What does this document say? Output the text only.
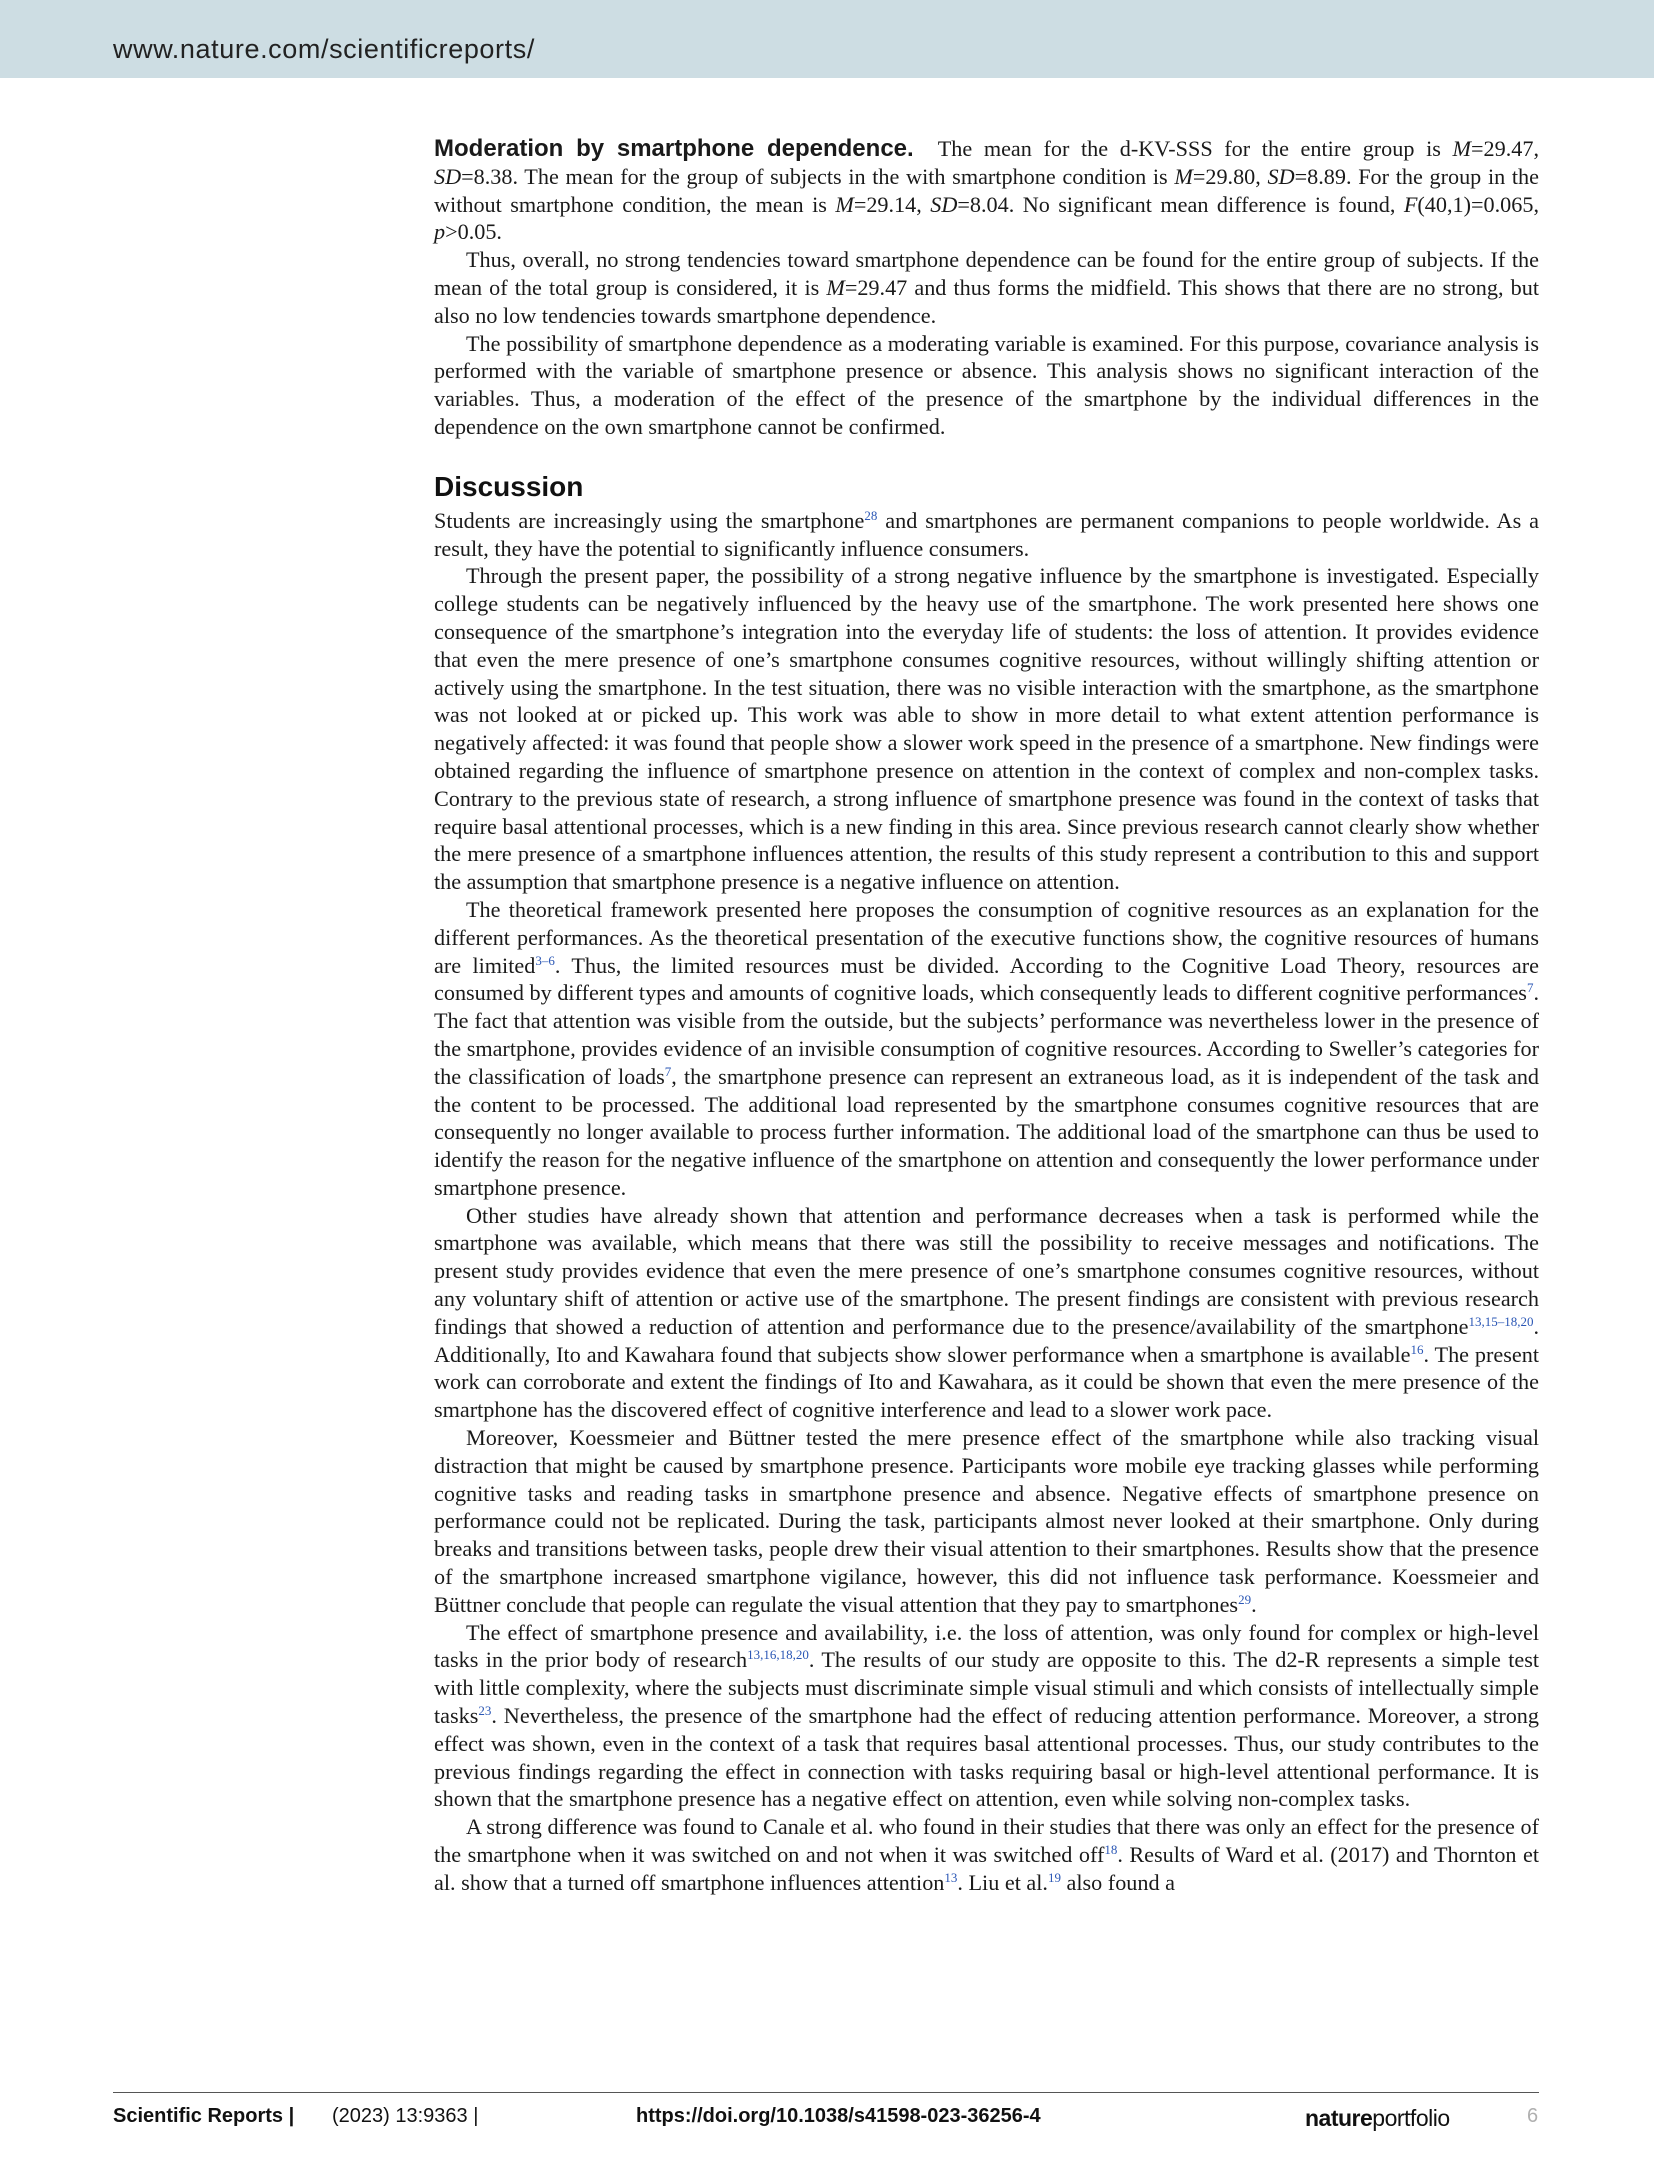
www.nature.com/scientificreports/

Moderation by smartphone dependence. The mean for the d-KV-SSS for the entire group is M=29.47, SD=8.38. The mean for the group of subjects in the with smartphone condition is M=29.80, SD=8.89. For the group in the without smartphone condition, the mean is M=29.14, SD=8.04. No significant mean difference is found, F(40,1)=0.065, p>0.05.

Thus, overall, no strong tendencies toward smartphone dependence can be found for the entire group of subjects. If the mean of the total group is considered, it is M=29.47 and thus forms the midfield. This shows that there are no strong, but also no low tendencies towards smartphone dependence.

The possibility of smartphone dependence as a moderating variable is examined. For this purpose, covariance analysis is performed with the variable of smartphone presence or absence. This analysis shows no significant interaction of the variables. Thus, a moderation of the effect of the presence of the smartphone by the individual differences in the dependence on the own smartphone cannot be confirmed.

Discussion

Students are increasingly using the smartphone$^{28}$ and smartphones are permanent companions to people worldwide. As a result, they have the potential to significantly influence consumers.

Through the present paper, the possibility of a strong negative influence by the smartphone is investigated. Especially college students can be negatively influenced by the heavy use of the smartphone. The work presented here shows one consequence of the smartphone’s integration into the everyday life of students: the loss of attention. It provides evidence that even the mere presence of one’s smartphone consumes cognitive resources, without willingly shifting attention or actively using the smartphone. In the test situation, there was no visible interaction with the smartphone, as the smartphone was not looked at or picked up. This work was able to show in more detail to what extent attention performance is negatively affected: it was found that people show a slower work speed in the presence of a smartphone. New findings were obtained regarding the influence of smartphone presence on attention in the context of complex and non-complex tasks. Contrary to the previous state of research, a strong influence of smartphone presence was found in the context of tasks that require basal attentional processes, which is a new finding in this area. Since previous research cannot clearly show whether the mere presence of a smartphone influences attention, the results of this study represent a contribution to this and support the assumption that smartphone presence is a negative influence on attention.

The theoretical framework presented here proposes the consumption of cognitive resources as an explanation for the different performances. As the theoretical presentation of the executive functions show, the cognitive resources of humans are limited$^{3-6}$. Thus, the limited resources must be divided. According to the Cognitive Load Theory, resources are consumed by different types and amounts of cognitive loads, which consequently leads to different cognitive performances$^7$. The fact that attention was visible from the outside, but the subjects’ performance was nevertheless lower in the presence of the smartphone, provides evidence of an invisible consumption of cognitive resources. According to Sweller’s categories for the classification of loads$^7$, the smartphone presence can represent an extraneous load, as it is independent of the task and the content to be processed. The additional load represented by the smartphone consumes cognitive resources that are consequently no longer available to process further information. The additional load of the smartphone can thus be used to identify the reason for the negative influence of the smartphone on attention and consequently the lower performance under smartphone presence.

Other studies have already shown that attention and performance decreases when a task is performed while the smartphone was available, which means that there was still the possibility to receive messages and notifications. The present study provides evidence that even the mere presence of one’s smartphone consumes cognitive resources, without any voluntary shift of attention or active use of the smartphone. The present findings are consistent with previous research findings that showed a reduction of attention and performance due to the presence/availability of the smartphone$^{13,15-18,20}$. Additionally, Ito and Kawahara found that subjects show slower performance when a smartphone is available$^{16}$. The present work can corroborate and extent the findings of Ito and Kawahara, as it could be shown that even the mere presence of the smartphone has the discovered effect of cognitive interference and lead to a slower work pace.

Moreover, Koessmeier and Büttner tested the mere presence effect of the smartphone while also tracking visual distraction that might be caused by smartphone presence. Participants wore mobile eye tracking glasses while performing cognitive tasks and reading tasks in smartphone presence and absence. Negative effects of smartphone presence on performance could not be replicated. During the task, participants almost never looked at their smartphone. Only during breaks and transitions between tasks, people drew their visual attention to their smartphones. Results show that the presence of the smartphone increased smartphone vigilance, however, this did not influence task performance. Koessmeier and Büttner conclude that people can regulate the visual attention that they pay to smartphones$^{29}$.

The effect of smartphone presence and availability, i.e. the loss of attention, was only found for complex or high-level tasks in the prior body of research$^{13,16,18,20}$. The results of our study are opposite to this. The d2-R represents a simple test with little complexity, where the subjects must discriminate simple visual stimuli and which consists of intellectually simple tasks$^{23}$. Nevertheless, the presence of the smartphone had the effect of reducing attention performance. Moreover, a strong effect was shown, even in the context of a task that requires basal attentional processes. Thus, our study contributes to the previous findings regarding the effect in connection with tasks requiring basal or high-level attentional performance. It is shown that the smartphone presence has a negative effect on attention, even while solving non-complex tasks.

A strong difference was found to Canale et al. who found in their studies that there was only an effect for the presence of the smartphone when it was switched on and not when it was switched off$^{18}$. Results of Ward et al. (2017) and Thornton et al. show that a turned off smartphone influences attention$^{13}$. Liu et al.$^{19}$ also found a

Scientific Reports | (2023) 13:9363 |	https://doi.org/10.1038/s41598-023-36256-4	natureportfolio	6
